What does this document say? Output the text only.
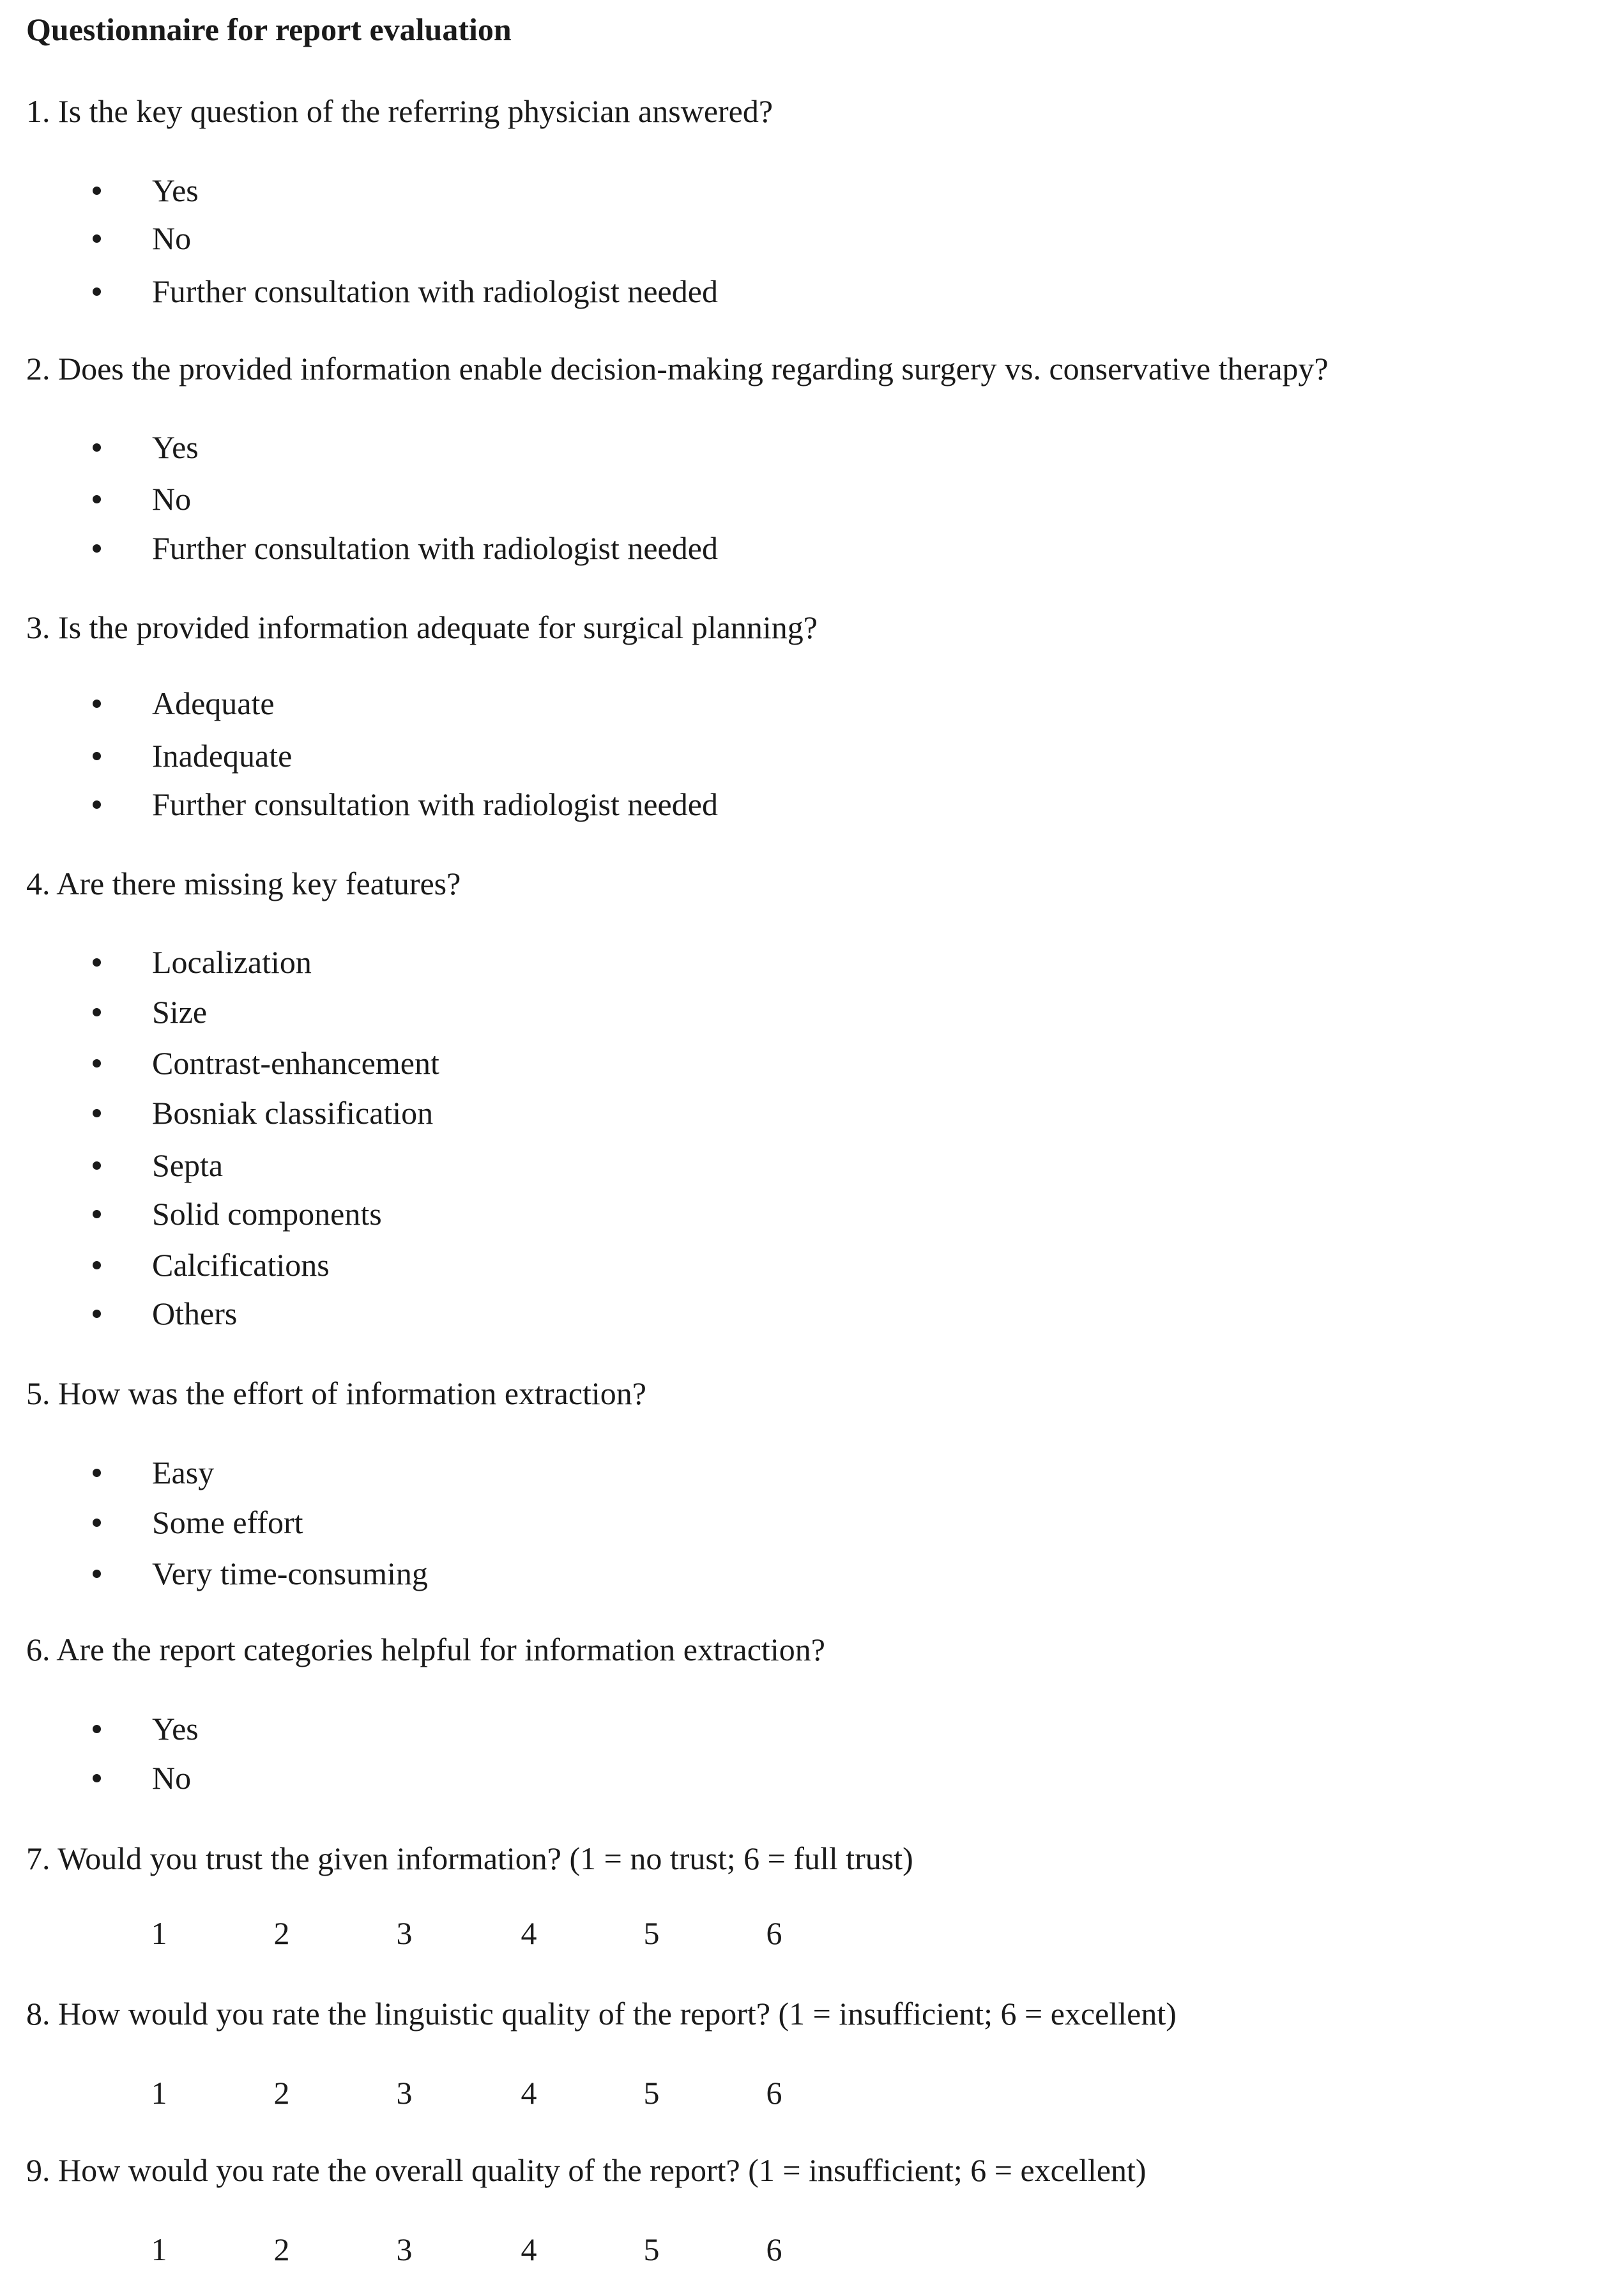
Questionnaire for report evaluation
1. Is the key question of the referring physician answered?
Yes
No
Further consultation with radiologist needed
2. Does the provided information enable decision-making regarding surgery vs. conservative therapy?
Yes
No
Further consultation with radiologist needed
3. Is the provided information adequate for surgical planning?
Adequate
Inadequate
Further consultation with radiologist needed
4. Are there missing key features?
Localization
Size
Contrast-enhancement
Bosniak classification
Septa
Solid components
Calcifications
Others
5. How was the effort of information extraction?
Easy
Some effort
Very time-consuming
6. Are the report categories helpful for information extraction?
Yes
No
7. Would you trust the given information? (1 = no trust; 6 = full trust)
1	2	3	4	5	6
8. How would you rate the linguistic quality of the report? (1 = insufficient; 6 = excellent)
1	2	3	4	5	6
9. How would you rate the overall quality of the report? (1 = insufficient; 6 = excellent)
1	2	3	4	5	6
